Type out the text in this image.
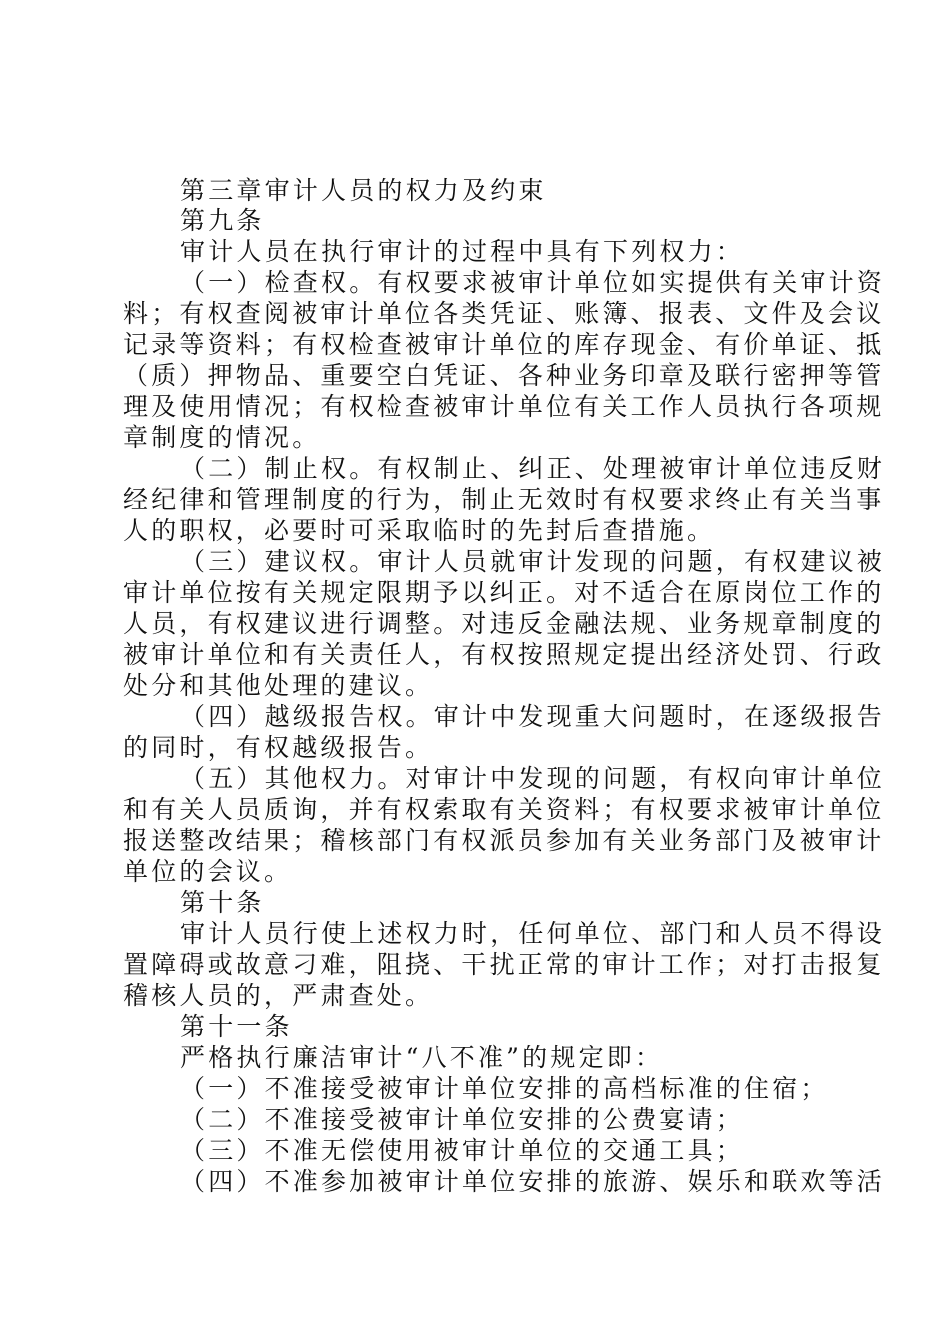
第三章审计人员的权力及约束
第九条
审计人员在执行审计的过程中具有下列权力：
（一）检查权。有权要求被审计单位如实提供有关审计资
料；有权查阅被审计单位各类凭证、账簿、报表、文件及会议
记录等资料；有权检查被审计单位的库存现金、有价单证、抵
（质）押物品、重要空白凭证、各种业务印章及联行密押等管
理及使用情况；有权检查被审计单位有关工作人员执行各项规
章制度的情况。
（二）制止权。有权制止、纠正、处理被审计单位违反财
经纪律和管理制度的行为，制止无效时有权要求终止有关当事
人的职权，必要时可采取临时的先封后查措施。
（三）建议权。审计人员就审计发现的问题，有权建议被
审计单位按有关规定限期予以纠正。对不适合在原岗位工作的
人员，有权建议进行调整。对违反金融法规、业务规章制度的
被审计单位和有关责任人，有权按照规定提出经济处罚、行政
处分和其他处理的建议。
（四）越级报告权。审计中发现重大问题时，在逐级报告
的同时，有权越级报告。
（五）其他权力。对审计中发现的问题，有权向审计单位
和有关人员质询，并有权索取有关资料；有权要求被审计单位
报送整改结果；稽核部门有权派员参加有关业务部门及被审计
单位的会议。
第十条
审计人员行使上述权力时，任何单位、部门和人员不得设
置障碍或故意刁难，阻挠、干扰正常的审计工作；对打击报复
稽核人员的，严肃查处。
第十一条
严格执行廉洁审计“八不准”的规定即：
（一）不准接受被审计单位安排的高档标准的住宿；
（二）不准接受被审计单位安排的公费宴请；
（三）不准无偿使用被审计单位的交通工具；
（四）不准参加被审计单位安排的旅游、娱乐和联欢等活
